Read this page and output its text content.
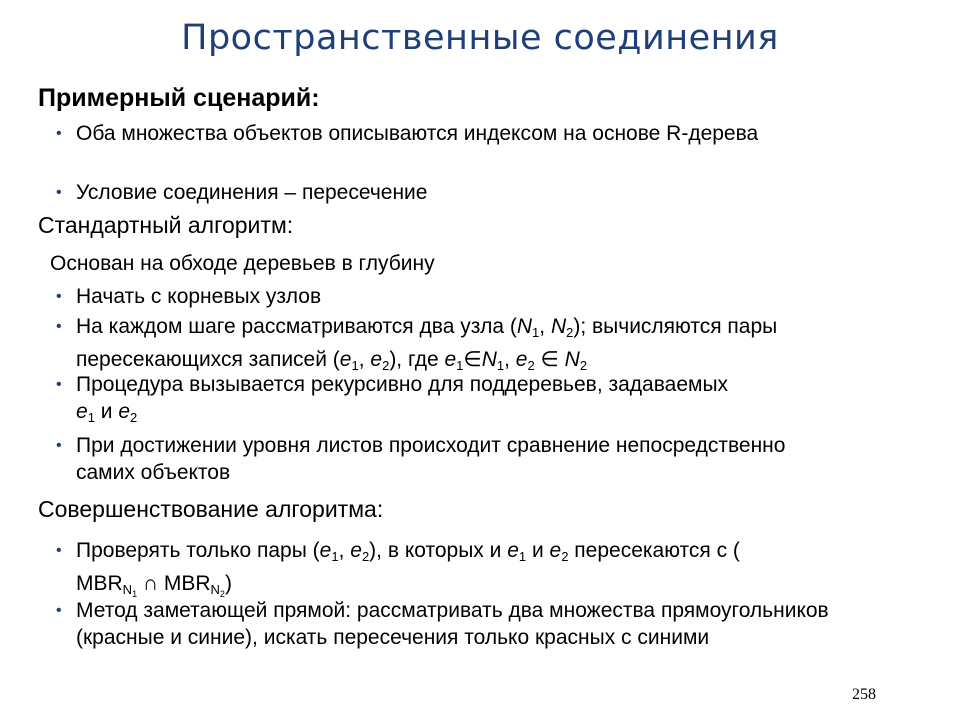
Пространственные соединения
Примерный сценарий:
• Оба множества объектов описываются индексом на основе R-дерева
• Условие соединения – пересечение
Стандартный алгоритм:
Основан на обходе деревьев в глубину
• Начать с корневых узлов
• На каждом шаге рассматриваются два узла ($N_1$, $N_2$); вычисляются пары пересекающихся записей ($e_1$, $e_2$), где $e_1\in N_1$, $e_2$ ∈ $N_2$
• Процедура вызывается рекурсивно для поддеревьев, задаваемых
$e_1$ и $e_2$
• При достижении уровня листов происходит сравнение непосредственно самих объектов
Совершенствование алгоритма:
• Проверять только пары ($e_1$, $e_2$), в которых и $e_1$ и $e_2$ пересекаются с (
$MBR_{N_1}$ ∩ $MBR_{N_2}$)
• Метод заметающей прямой: рассматривать два множества прямоугольников (красные и синие), искать пересечения только красных с синими
258
